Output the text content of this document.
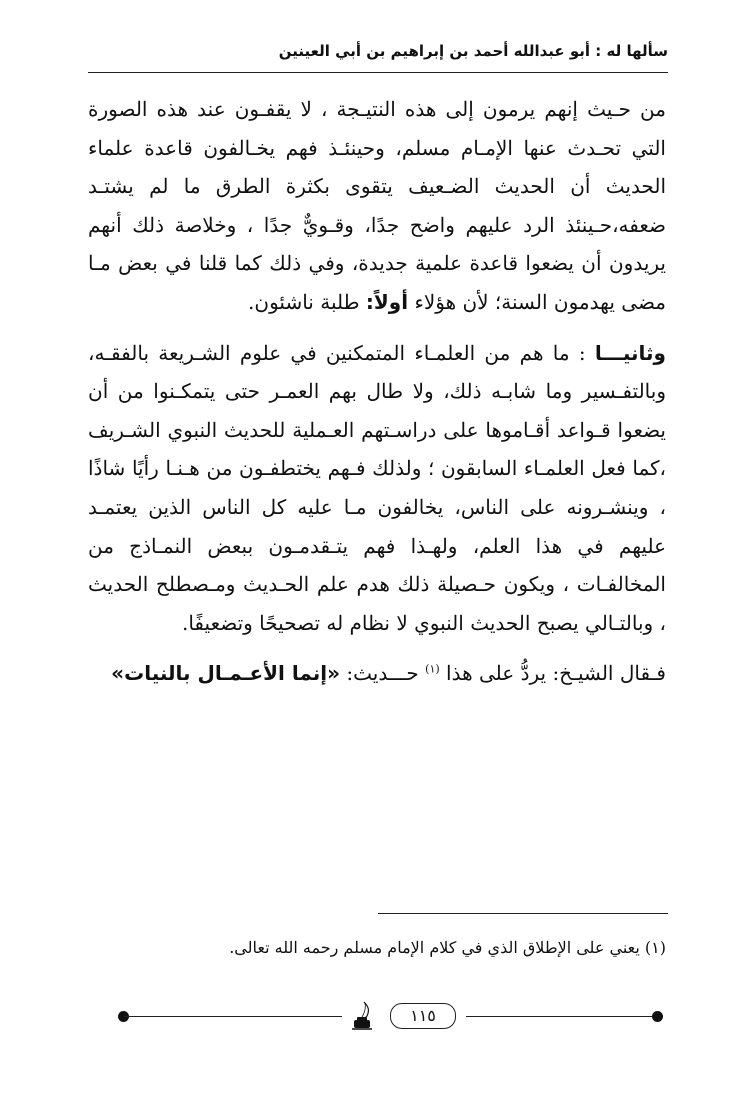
سألها له : أبو عبدالله أحمد بن إبراهيم بن أبي العينين

من حـيث إنهم يرمون إلى هذه النتيـجة ، لا يقفـون عند هذه الصورة التي تحـدث عنها الإمـام مسلم، وحينئـذ فهم يخـالفون قاعدة علماء الحديث أن الحديث الضـعيف يتقوى بكثرة الطرق ما لم يشتـد ضعفه،حـينئذ الرد عليهم واضح جدًا، وقـويٌّ جدًا ، وخلاصة ذلك أنهم يريدون أن يضعوا قاعدة علمية جديدة، وفي ذلك كما قلنا في بعض مـا مضى يهدمون السنة؛ لأن هؤلاء أولاً: طلبة ناشئون.

وثانيـــا : ما هم من العلمـاء المتمكنين في علوم الشـريعة بالفقـه، وبالتفـسير وما شابـه ذلك، ولا طال بهم العمـر حتى يتمكـنوا من أن يضعوا قـواعد أقـاموها على دراسـتهم العـملية للحديث النبوي الشـريف ،كما فعل العلمـاء السابقون ؛ ولذلك فـهم يختطفـون من هـنـا رأيًا شاذًا ، وينشـرونه على الناس، يخالفون مـا عليه كل الناس الذين يعتمـد عليهم في هذا العلم، ولهـذا فهم يتـقدمـون ببعض النمـاذج من المخالفـات ، ويكون حـصيلة ذلك هدم علم الحـديث ومـصطلح الحديث ، وبالتـالي يصبح الحديث النبوي لا نظام له تصحيحًا وتضعيفًا.

فـقال الشيـخ: يردُّ على هذا $^{(١)}$ حـــديث: «إنما الأعـمـال بالنيات»

(١) يعني على الإطلاق الذي في كلام الإمام مسلم رحمه الله تعالى.
١١٥
